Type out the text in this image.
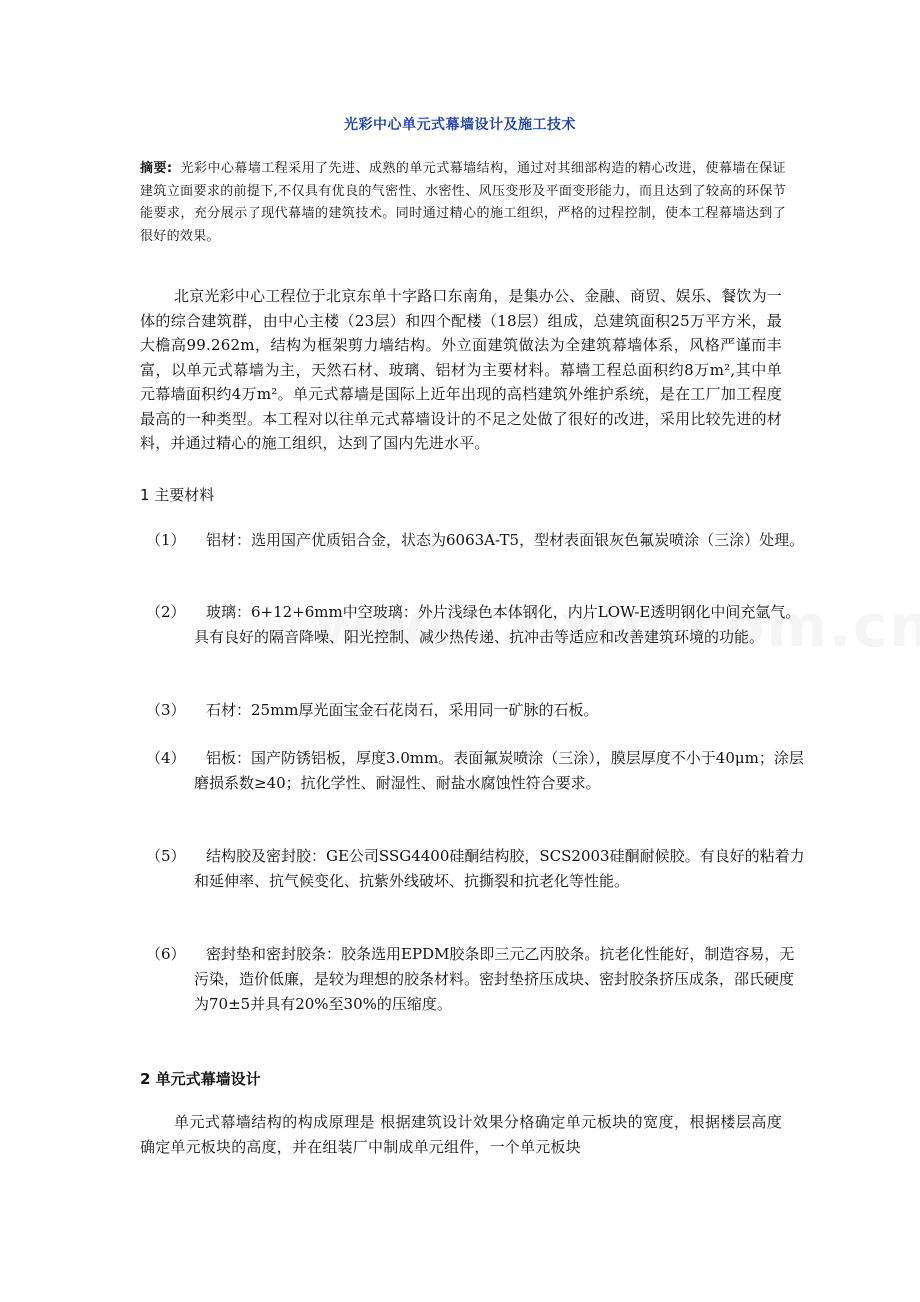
光彩中心单元式幕墙设计及施工技术
摘要: 光彩中心幕墙工程采用了先进、成熟的单元式幕墙结构，通过对其细部构造的精心改进，使幕墙在保证建筑立面要求的前提下,不仅具有优良的气密性、水密性、风压变形及平面变形能力，而且达到了较高的环保节能要求，充分展示了现代幕墙的建筑技术。同时通过精心的施工组织，严格的过程控制，使本工程幕墙达到了很好的效果。
北京光彩中心工程位于北京东单十字路口东南角，是集办公、金融、商贸、娱乐、餐饮为一体的综合建筑群，由中心主楼（23层）和四个配楼（18层）组成，总建筑面积25万平方米，最大檐高99.262m，结构为框架剪力墙结构。外立面建筑做法为全建筑幕墙体系，风格严谨而丰富，以单元式幕墙为主，天然石材、玻璃、铝材为主要材料。幕墙工程总面积约8万m²,其中单元幕墙面积约4万m²。单元式幕墙是国际上近年出现的高档建筑外维护系统，是在工厂加工程度最高的一种类型。本工程对以往单元式幕墙设计的不足之处做了很好的改进，采用比较先进的材料，并通过精心的施工组织，达到了国内先进水平。
1 主要材料
（1）	铝材：选用国产优质铝合金，状态为6063A-T5，型材表面银灰色氟炭喷涂（三涂）处理。
（2）	玻璃：6+12+6mm中空玻璃：外片浅绿色本体钢化，内片LOW-E透明钢化中间充氩气。具有良好的隔音降噪、阳光控制、减少热传递、抗冲击等适应和改善建筑环境的功能。
（3）	石材：25mm厚光面宝金石花岗石，采用同一矿脉的石板。
（4）	铝板：国产防锈铝板，厚度3.0mm。表面氟炭喷涂（三涂），膜层厚度不小于40μm；涂层磨损系数≥40；抗化学性、耐湿性、耐盐水腐蚀性符合要求。
（5）	结构胶及密封胶：GE公司SSG4400硅酮结构胶，SCS2003硅酮耐候胶。有良好的粘着力和延伸率、抗气候变化、抗紫外线破坏、抗撕裂和抗老化等性能。
（6）	密封垫和密封胶条：胶条选用EPDM胶条即三元乙丙胶条。抗老化性能好，制造容易，无污染，造价低廉，是较为理想的胶条材料。密封垫挤压成块、密封胶条挤压成条，邵氏硬度为70±5并具有20%至30%的压缩度。
2 单元式幕墙设计
单元式幕墙结构的构成原理是 根据建筑设计效果分格确定单元板块的宽度，根据楼层高度确定单元板块的高度，并在组装厂中制成单元组件，一个单元板块
